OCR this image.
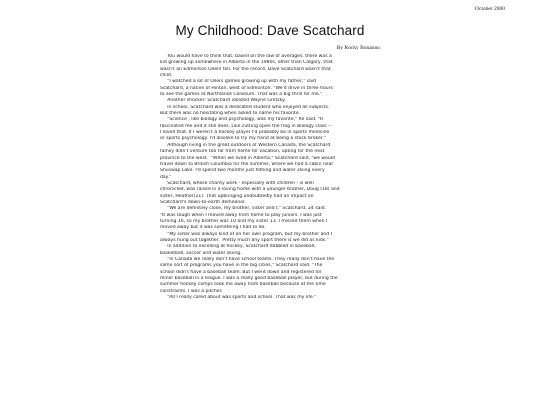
October 2000
My Childhood: Dave Scatchard
By Rocky Bonanno
You would have to think that, based on the law of averages, there was a
kid growing up somewhere in Alberta in the 1980s, other than Calgary, that
wasn't an Edmonton Oilers fan. For the record, Dave Scatchard wasn't that
child.
"I watched a lot of Oilers games growing up with my father," said
Scatchard, a native of Hinton, west of Edmonton. "We'd drive in three hours
to see the games at Northlands Coliseum. That was a big thrill for me."
Another shocker: Scatchard idolized Wayne Gretzky.
In school, Scatchard was a dedicated student who enjoyed all subjects.
But there was no hesitating when asked to name his favorite.
"Science , like biology and psychology, was my favorite," he said. "It
fascinated me and it still does. Like cutting open the frog in Biology class --
I loved that. If I weren't a hockey player I'd probably be in sports medicine
or sports psychology. I'd alsolike to try my hand at being a stock broker."
Although living in the great outdoors of Western Canada, the Scatchard
family didn't venture too far from home for vacation, opting for the next
province to the west.  "When we lived in Alberta," Scatchard said, "we would
travel down to British Columbia for the summer, where we had a cabin near
Shuswap Lake. I'd spend two months just fidhing and water skiing every
day."
Scatchard, whose charity work - especially with children - is well
chronicled, was raised in a loving home with a younger brother, Doug (18) and
sister, Heather(21). That upbringing undoubtedly had an impact on
Scatchard's down-to-earth demeanor.
"We are definitely close, my brother, sister and I," Scatchard, 24 said.
"It was tough when I moved away from home to play juniors. I was just
turning 16, so my brother was 10 and my sister 13. I missed them when I
moved away but it was something I had to do.
"My sister was always kind of on her own program, but my brother and I
always hung out together.  Pretty much any sport there is we did as kids."
In addition to excelling at hockey, Scatchard dabbled in baseball,
basketball, soccer and water skiing.
"In Canada we really don't have school teams. They really don't have the
same sort of programs you have in the big cities," Scatchard said. "The
school didn't have a baseball team. But I went down and registered for
minor baseball in a league. I was a really good baseball player, but during the
summer hockey camps took me away from baseball because of the time
constraints. I was a pitcher.
"All I really cared about was sports and school. That was my life."
